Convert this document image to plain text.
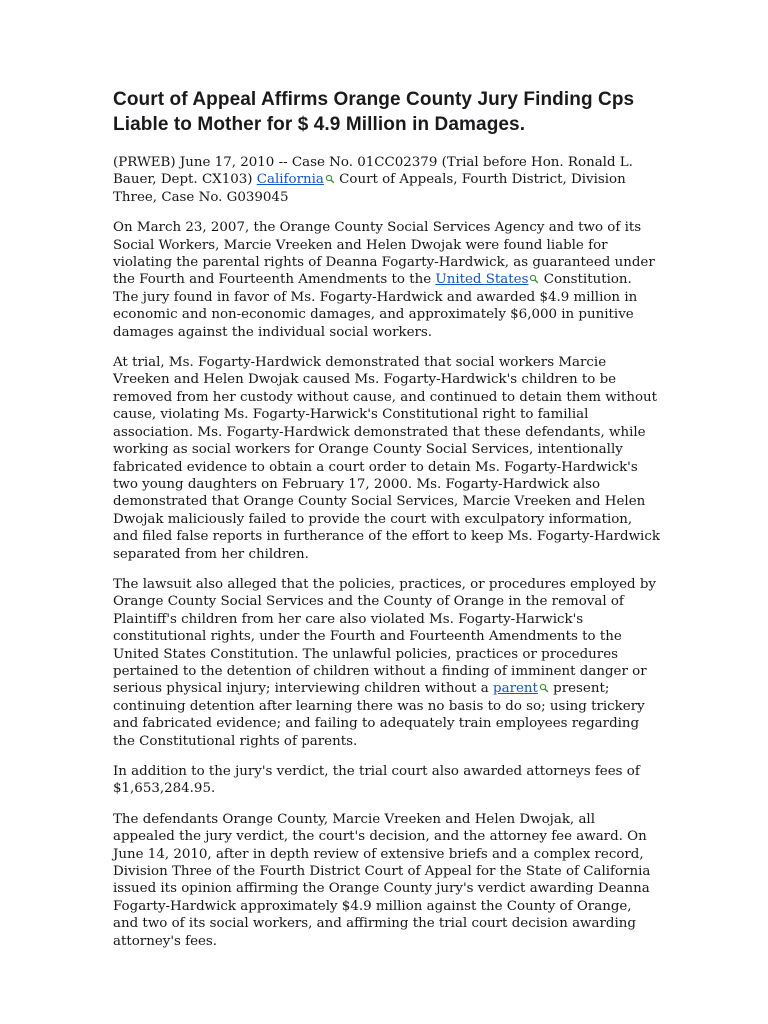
Court of Appeal Affirms Orange County Jury Finding Cps Liable to Mother for $ 4.9 Million in Damages.

(PRWEB) June 17, 2010 -- Case No. 01CC02379 (Trial before Hon. Ronald L. Bauer, Dept. CX103) California Court of Appeals, Fourth District, Division Three, Case No. G039045

On March 23, 2007, the Orange County Social Services Agency and two of its Social Workers, Marcie Vreeken and Helen Dwojak were found liable for violating the parental rights of Deanna Fogarty-Hardwick, as guaranteed under the Fourth and Fourteenth Amendments to the United States Constitution. The jury found in favor of Ms. Fogarty-Hardwick and awarded $4.9 million in economic and non-economic damages, and approximately $6,000 in punitive damages against the individual social workers.

At trial, Ms. Fogarty-Hardwick demonstrated that social workers Marcie Vreeken and Helen Dwojak caused Ms. Fogarty-Hardwick's children to be removed from her custody without cause, and continued to detain them without cause, violating Ms. Fogarty-Harwick's Constitutional right to familial association. Ms. Fogarty-Hardwick demonstrated that these defendants, while working as social workers for Orange County Social Services, intentionally fabricated evidence to obtain a court order to detain Ms. Fogarty-Hardwick's two young daughters on February 17, 2000. Ms. Fogarty-Hardwick also demonstrated that Orange County Social Services, Marcie Vreeken and Helen Dwojak maliciously failed to provide the court with exculpatory information, and filed false reports in furtherance of the effort to keep Ms. Fogarty-Hardwick separated from her children.

The lawsuit also alleged that the policies, practices, or procedures employed by Orange County Social Services and the County of Orange in the removal of Plaintiff's children from her care also violated Ms. Fogarty-Harwick's constitutional rights, under the Fourth and Fourteenth Amendments to the United States Constitution. The unlawful policies, practices or procedures pertained to the detention of children without a finding of imminent danger or serious physical injury; interviewing children without a parent present; continuing detention after learning there was no basis to do so; using trickery and fabricated evidence; and failing to adequately train employees regarding the Constitutional rights of parents.

In addition to the jury's verdict, the trial court also awarded attorneys fees of $1,653,284.95.

The defendants Orange County, Marcie Vreeken and Helen Dwojak, all appealed the jury verdict, the court's decision, and the attorney fee award. On June 14, 2010, after in depth review of extensive briefs and a complex record, Division Three of the Fourth District Court of Appeal for the State of California issued its opinion affirming the Orange County jury's verdict awarding Deanna Fogarty-Hardwick approximately $4.9 million against the County of Orange, and two of its social workers, and affirming the trial court decision awarding attorney's fees.
